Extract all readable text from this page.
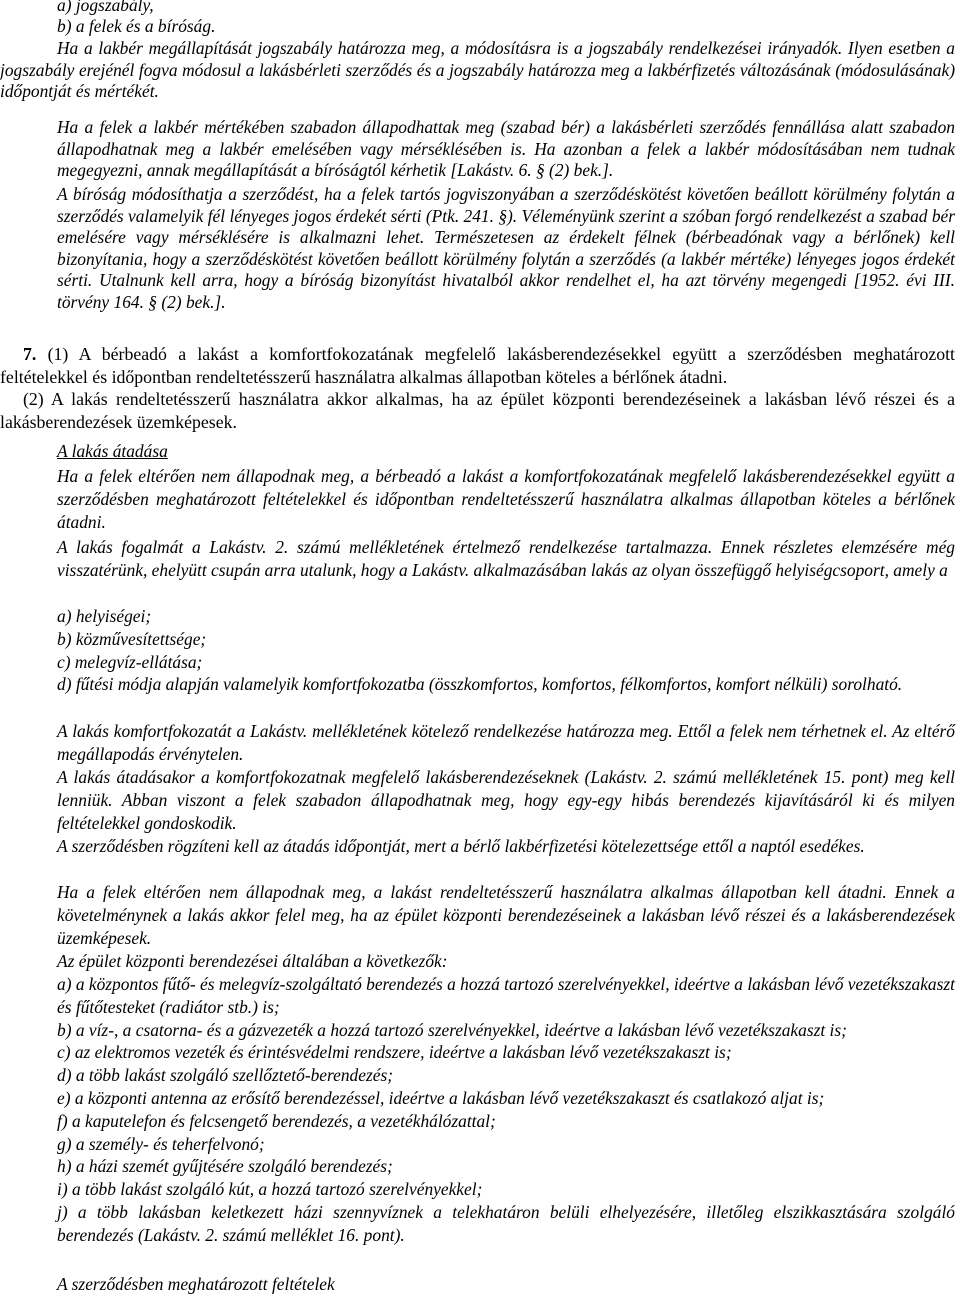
a) jogszabály,

b) a felek és a bíróság.

Ha a lakbér megállapítását jogszabály határozza meg, a módosításra is a jogszabály rendelkezései irányadók. Ilyen esetben a jogszabály erejénél fogva módosul a lakásbérleti szerződés és a jogszabály határozza meg a lakbérfizetés változásának (módosulásának) időpontját és mértékét.

Ha a felek a lakbér mértékében szabadon állapodhattak meg (szabad bér) a lakásbérleti szerződés fennállása alatt szabadon állapodhatnak meg a lakbér emelésében vagy mérséklésében is. Ha azonban a felek a lakbér módosításában nem tudnak megegyezni, annak megállapítását a bíróságtól kérhetik [Lakástv. 6. § (2) bek.].

A bíróság módosíthatja a szerződést, ha a felek tartós jogviszonyában a szerződéskötést követően beállott körülmény folytán a szerződés valamelyik fél lényeges jogos érdekét sérti (Ptk. 241. §). Véleményünk szerint a szóban forgó rendelkezést a szabad bér emelésére vagy mérséklésére is alkalmazni lehet. Természetesen az érdekelt félnek (bérbeadónak vagy a bérlőnek) kell bizonyítania, hogy a szerződéskötést követően beállott körülmény folytán a szerződés (a lakbér mértéke) lényeges jogos érdekét sérti. Utalnunk kell arra, hogy a bíróság bizonyítást hivatalból akkor rendelhet el, ha azt törvény megengedi [1952. évi III. törvény 164. § (2) bek.].

7. (1) A bérbeadó a lakást a komfortfokozatának megfelelő lakásberendezésekkel együtt a szerződésben meghatározott feltételekkel és időpontban rendeltetésszerű használatra alkalmas állapotban köteles a bérlőnek átadni.

(2) A lakás rendeltetésszerű használatra akkor alkalmas, ha az épület központi berendezéseinek a lakásban lévő részei és a lakásberendezések üzemképesek.

A lakás átadása

Ha a felek eltérően nem állapodnak meg, a bérbeadó a lakást a komfortfokozatának megfelelő lakásberendezésekkel együtt a szerződésben meghatározott feltételekkel és időpontban rendeltetésszerű használatra alkalmas állapotban köteles a bérlőnek átadni.

A lakás fogalmát a Lakástv. 2. számú mellékletének értelmező rendelkezése tartalmazza. Ennek részletes elemzésére még visszatérünk, ehelyütt csupán arra utalunk, hogy a Lakástv. alkalmazásában lakás az olyan összefüggő helyiségcsoport, amely a

a) helyiségei;

b) közművesítettsége;

c) melegvíz-ellátása;

d) fűtési módja alapján valamelyik komfortfokozatba (összkomfortos, komfortos, félkomfortos, komfort nélküli) sorolható.

A lakás komfortfokozatát a Lakástv. mellékletének kötelező rendelkezése határozza meg. Ettől a felek nem térhetnek el. Az eltérő megállapodás érvénytelen.

A lakás átadásakor a komfortfokozatnak megfelelő lakásberendezéseknek (Lakástv. 2. számú mellékletének 15. pont) meg kell lenniük. Abban viszont a felek szabadon állapodhatnak meg, hogy egy-egy hibás berendezés kijavításáról ki és milyen feltételekkel gondoskodik.

A szerződésben rögzíteni kell az átadás időpontját, mert a bérlő lakbérfizetési kötelezettsége ettől a naptól esedékes.

Ha a felek eltérően nem állapodnak meg, a lakást rendeltetésszerű használatra alkalmas állapotban kell átadni. Ennek a követelménynek a lakás akkor felel meg, ha az épület központi berendezéseinek a lakásban lévő részei és a lakásberendezések üzemképesek.

Az épület központi berendezései általában a következők:

a) a központos fűtő- és melegvíz-szolgáltató berendezés a hozzá tartozó szerelvényekkel, ideértve a lakásban lévő vezetékszakaszt és fűtőtesteket (radiátor stb.) is;

b) a víz-, a csatorna- és a gázvezeték a hozzá tartozó szerelvényekkel, ideértve a lakásban lévő vezetékszakaszt is;

c) az elektromos vezeték és érintésvédelmi rendszere, ideértve a lakásban lévő vezetékszakaszt is;

d) a több lakást szolgáló szellőztető-berendezés;

e) a központi antenna az erősítő berendezéssel, ideértve a lakásban lévő vezetékszakaszt és csatlakozó aljat is;

f) a kaputelefon és felcsengető berendezés, a vezetékhálózattal;

g) a személy- és teherfelvonó;

h) a házi szemét gyűjtésére szolgáló berendezés;

i) a több lakást szolgáló kút, a hozzá tartozó szerelvényekkel;

j) a több lakásban keletkezett házi szennyvíznek a telekhatáron belüli elhelyezésére, illetőleg elszikkasztására szolgáló berendezés (Lakástv. 2. számú melléklet 16. pont).

A szerződésben meghatározott feltételek
